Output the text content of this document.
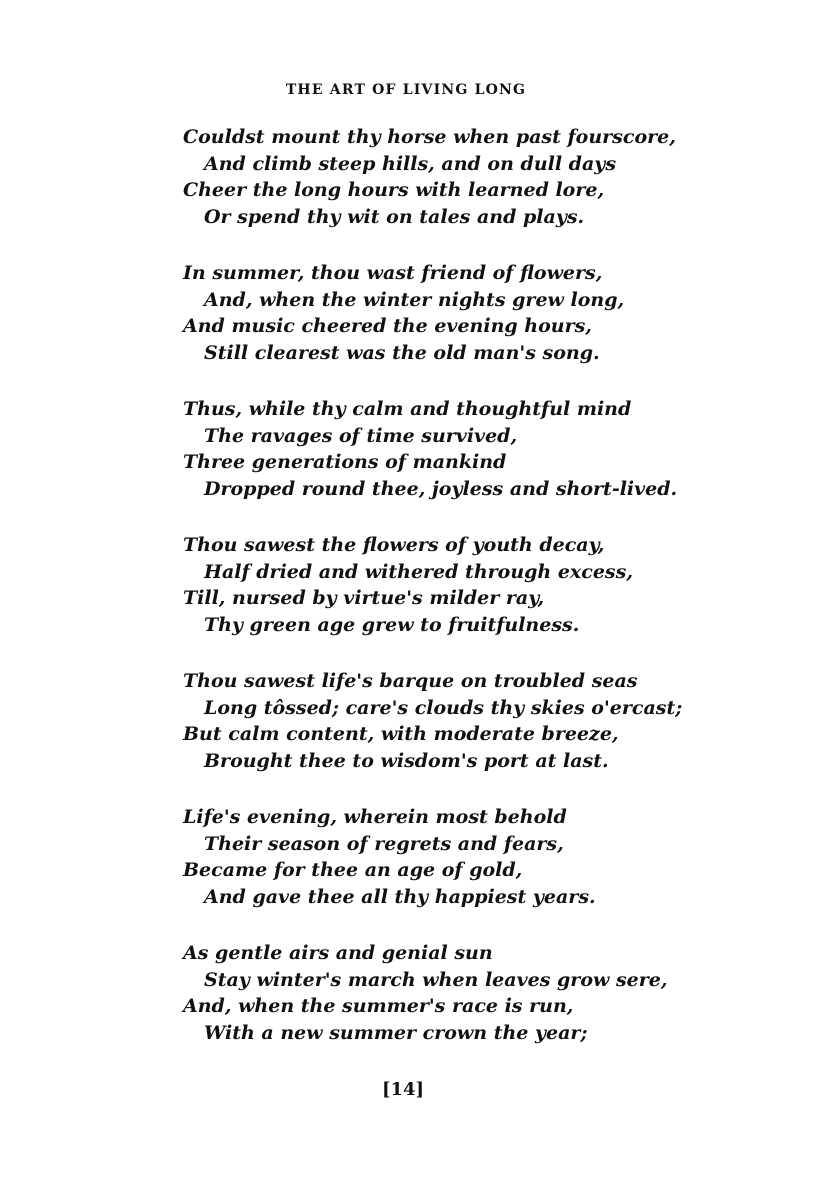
THE ART OF LIVING LONG
Couldst mount thy horse when past fourscore,
And climb steep hills, and on dull days
Cheer the long hours with learned lore,
Or spend thy wit on tales and plays.
In summer, thou wast friend of flowers,
And, when the winter nights grew long,
And music cheered the evening hours,
Still clearest was the old man's song.
Thus, while thy calm and thoughtful mind
The ravages of time survived,
Three generations of mankind
Dropped round thee, joyless and short-lived.
Thou sawest the flowers of youth decay,
Half dried and withered through excess,
Till, nursed by virtue's milder ray,
Thy green age grew to fruitfulness.
Thou sawest life's barque on troubled seas
Long tôssed; care's clouds thy skies o'ercast;
But calm content, with moderate breeze,
Brought thee to wisdom's port at last.
Life's evening, wherein most behold
Their season of regrets and fears,
Became for thee an age of gold,
And gave thee all thy happiest years.
As gentle airs and genial sun
Stay winter's march when leaves grow sere,
And, when the summer's race is run,
With a new summer crown the year;
[14]
